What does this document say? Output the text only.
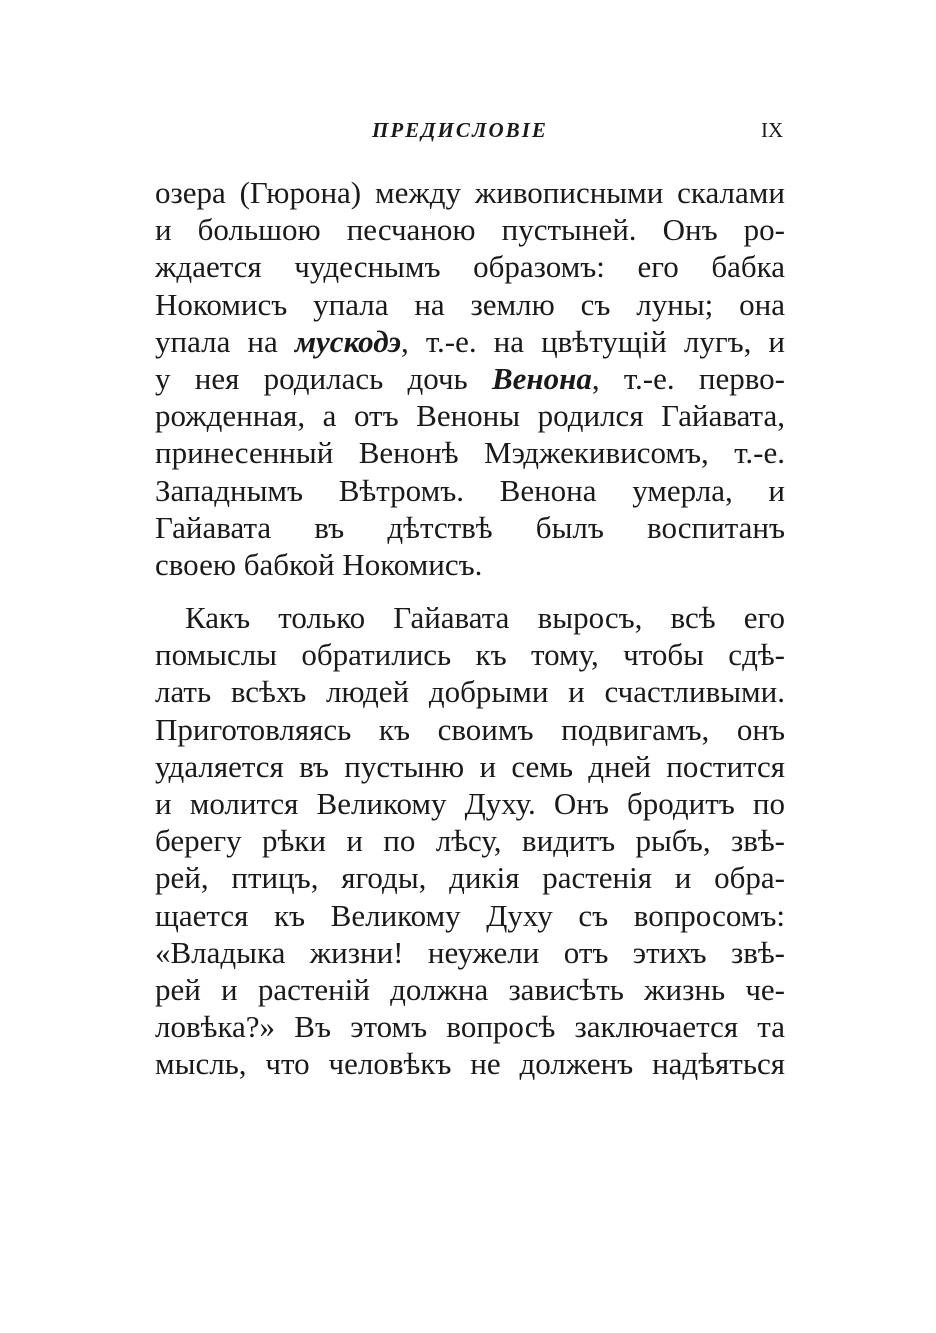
ПРЕДИСЛОВІЕ	IX
озера (Гюрона) между живописными скалами
и большою песчаною пустыней. Онъ ро-
ждается чудеснымъ образомъ: его бабка
Нокомисъ упала на землю съ луны; она
упала на мускодэ, т.-е. на цвѣтущій лугъ, и
у нея родилась дочь Венона, т.-е. перво-
рожденная, а отъ Веноны родился Гайавата,
принесенный Венонѣ Мэджекивисомъ, т.-е.
Западнымъ Вѣтромъ. Венона умерла, и
Гайавата въ дѣтствѣ былъ воспитанъ
своею бабкой Нокомисъ.
Какъ только Гайавата выросъ, всѣ его
помыслы обратились къ тому, чтобы сдѣ-
лать всѣхъ людей добрыми и счастливыми.
Приготовляясь къ своимъ подвигамъ, онъ
удаляется въ пустыню и семь дней постится
и молится Великому Духу. Онъ бродитъ по
берегу рѣки и по лѣсу, видитъ рыбъ, звѣ-
рей, птицъ, ягоды, дикія растенія и обра-
щается къ Великому Духу съ вопросомъ:
«Владыка жизни! неужели отъ этихъ звѣ-
рей и растеній должна зависѣть жизнь че-
ловѣка?» Въ этомъ вопросѣ заключается та
мысль, что человѣкъ не долженъ надѣяться
